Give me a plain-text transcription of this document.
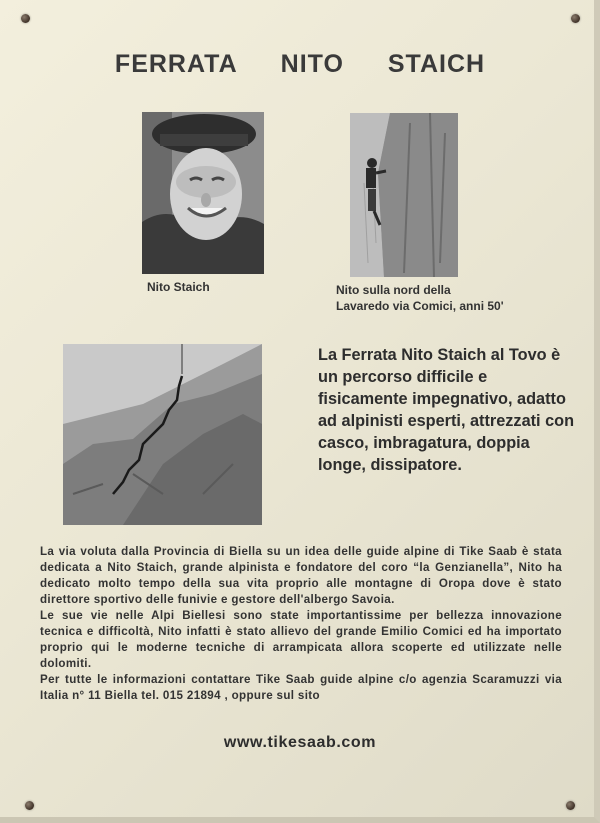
FERRATA NITO STAICH
Nito Staich	Nito sulla nord della
Lavaredo via Comici, anni 50'
La Ferrata Nito Staich al Tovo è un percorso difficile e fisicamente impegnativo, adatto ad alpinisti esperti, attrezzati con casco, imbragatura, doppia longe, dissipatore.

La via voluta dalla Provincia di Biella su un idea delle guide alpine di Tike Saab è stata dedicata a Nito Staich, grande alpinista e fondatore del coro “la Genzianella”, Nito ha dedicato molto tempo della sua vita proprio alle montagne di Oropa dove è stato direttore sportivo delle funivie e gestore dell'albergo Savoia.

Le sue vie nelle Alpi Biellesi sono state importantissime per bellezza innovazione tecnica e difficoltà, Nito infatti è stato allievo del grande Emilio Comici ed ha importato proprio qui le moderne tecniche di arrampicata allora scoperte ed utilizzate nelle dolomiti.

Per tutte le informazioni contattare Tike Saab guide alpine c/o agenzia Scaramuzzi via Italia n° 11 Biella tel. 015 21894 , oppure sul sito

www.tikesaab.com
